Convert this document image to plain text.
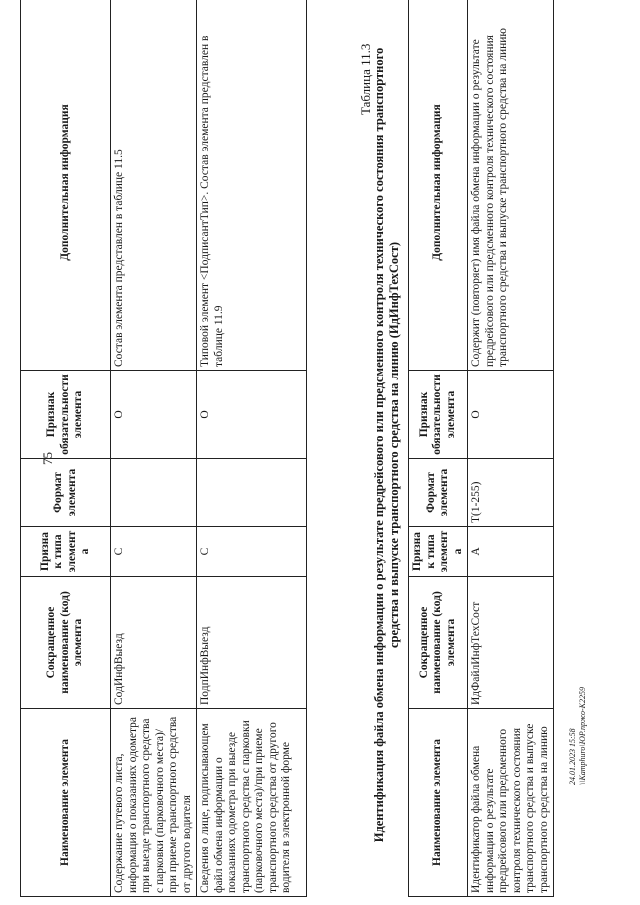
75
Наименование элемента	Сокращенное наименование (код) элемента	Признак типа элемента	Формат элемента	Признак обязательности элемента	Дополнительная информация
Содержание путевого листа, информация о показаниях одометра при выезде транспортного средства с парковки (парковочного места)/при приеме транспортного средства от другого водителя	СодИнфВыезд	С		О	Состав элемента представлен в таблице 11.5
Сведения о лице, подписывающем файл обмена информации о показаниях одометра при выезде транспортного средства с парковки (парковочного места)/при приеме транспортного средства от другого водителя в электронной форме	ПодпИнфВыезд	С		О	Типовой элемент <ПодписантТип>. Состав элемента представлен в таблице 11.9
Таблица 11.3 Идентификация файла обмена информации о результате предрейсового или предсменного контроля технического состояния транспортного средства и выпуске транспортного средства на линию (ИдИнфТехСост)
Наименование элемента	Сокращенное наименование (код) элемента	Признак типа элемента	Формат элемента	Признак обязательности элемента	Дополнительная информация
Идентификатор файла обмена информации о результате предрейсового или предсменного контроля технического состояния транспортного средства и выпуске транспортного средства на линию	ИдФайлИнфТехСост	А	Т(1-255)	О	Содержит (повторяет) имя файла обмена информации о результате предрейсового или предсменного контроля технического состояния транспортного средства и выпуске транспортного средства на линию
24.01.2023 15:58 \\Kamphuro\ЮР.пржо-К2259
